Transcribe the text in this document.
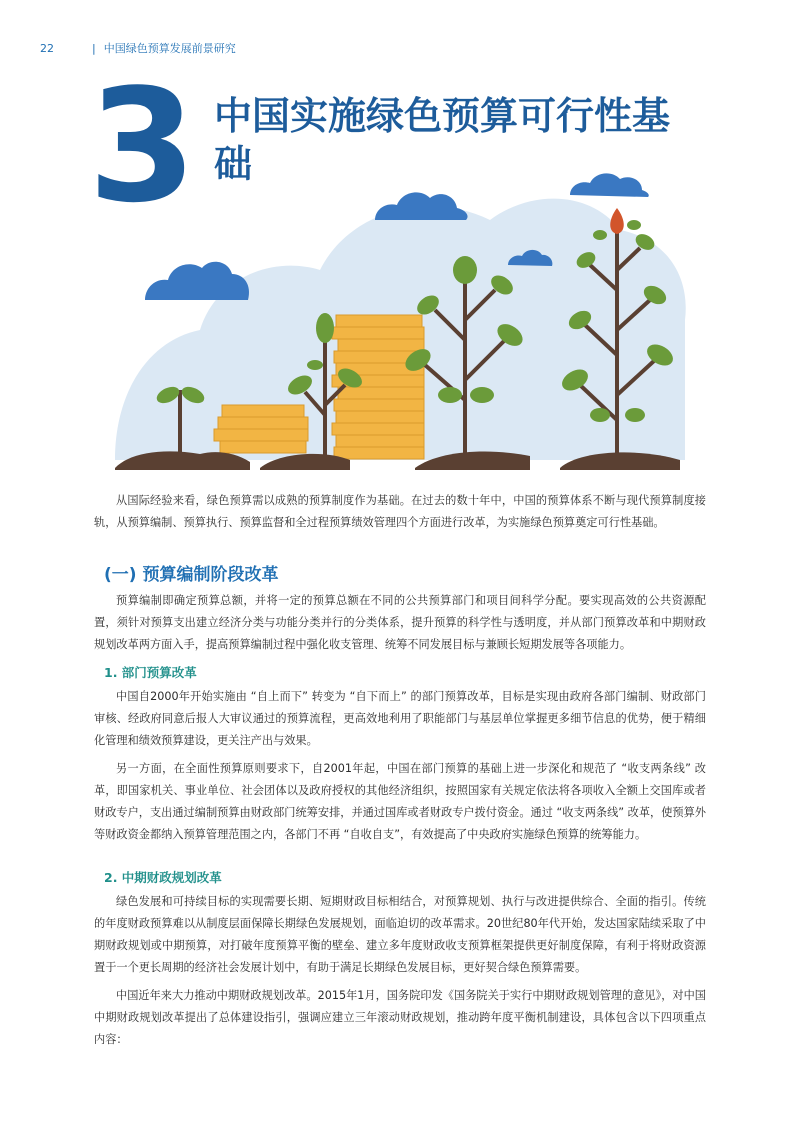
22	| 中国绿色预算发展前景研究
3 中国实施绿色预算可行性基础

从国际经验来看，绿色预算需以成熟的预算制度作为基础。在过去的数十年中，中国的预算体系不断与现代预算制度接轨，从预算编制、预算执行、预算监督和全过程预算绩效管理四个方面进行改革，为实施绿色预算奠定可行性基础。

(一) 预算编制阶段改革

预算编制即确定预算总额，并将一定的预算总额在不同的公共预算部门和项目间科学分配。要实现高效的公共资源配置，须针对预算支出建立经济分类与功能分类并行的分类体系，提升预算的科学性与透明度，并从部门预算改革和中期财政规划改革两方面入手，提高预算编制过程中强化收支管理、统筹不同发展目标与兼顾长短期发展等各项能力。

1. 部门预算改革

中国自2000年开始实施由 “自上而下” 转变为 “自下而上” 的部门预算改革，目标是实现由政府各部门编制、财政部门审核、经政府同意后报人大审议通过的预算流程，更高效地利用了职能部门与基层单位掌握更多细节信息的优势，便于精细化管理和绩效预算建设，更关注产出与效果。

另一方面，在全面性预算原则要求下，自2001年起，中国在部门预算的基础上进一步深化和规范了 “收支两条线” 改革，即国家机关、事业单位、社会团体以及政府授权的其他经济组织，按照国家有关规定依法将各项收入全额上交国库或者财政专户，支出通过编制预算由财政部门统筹安排，并通过国库或者财政专户拨付资金。通过 “收支两条线” 改革，使预算外等财政资金都纳入预算管理范围之内，各部门不再 “自收自支”，有效提高了中央政府实施绿色预算的统筹能力。

2. 中期财政规划改革

绿色发展和可持续目标的实现需要长期、短期财政目标相结合，对预算规划、执行与改进提供综合、全面的指引。传统的年度财政预算难以从制度层面保障长期绿色发展规划，面临迫切的改革需求。20世纪80年代开始，发达国家陆续采取了中期财政规划或中期预算，对打破年度预算平衡的壁垒、建立多年度财政收支预算框架提供更好制度保障，有利于将财政资源置于一个更长周期的经济社会发展计划中，有助于满足长期绿色发展目标，更好契合绿色预算需要。

中国近年来大力推动中期财政规划改革。2015年1月，国务院印发《国务院关于实行中期财政规划管理的意见》，对中国中期财政规划改革提出了总体建设指引，强调应建立三年滚动财政规划，推动跨年度平衡机制建设，具体包含以下四项重点内容：
